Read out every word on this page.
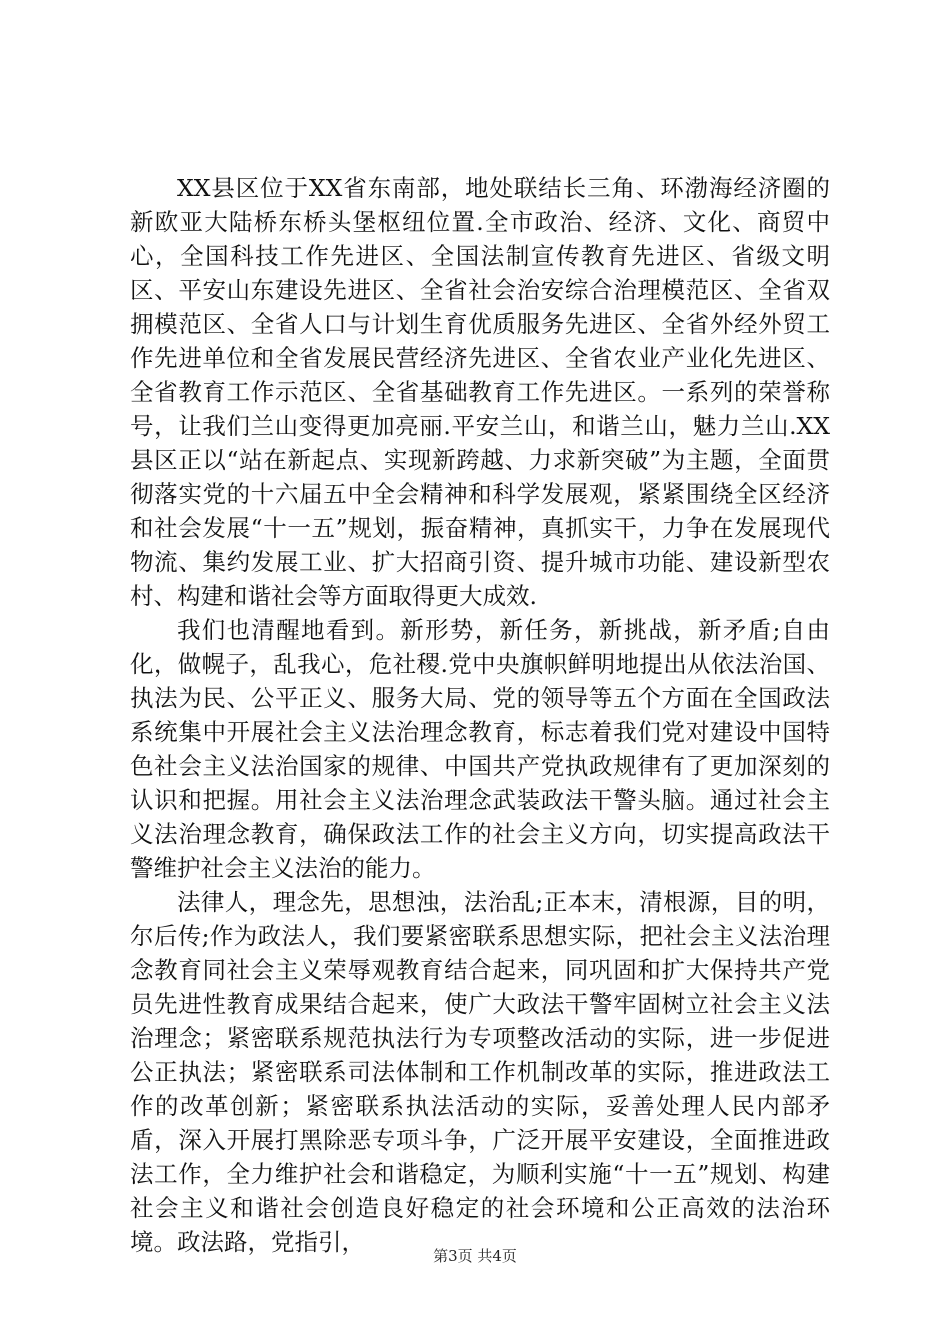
XX县区位于XX省东南部，地处联结长三角、环渤海经济圈的新欧亚大陆桥东桥头堡枢纽位置.全市政治、经济、文化、商贸中心，全国科技工作先进区、全国法制宣传教育先进区、省级文明区、平安山东建设先进区、全省社会治安综合治理模范区、全省双拥模范区、全省人口与计划生育优质服务先进区、全省外经外贸工作先进单位和全省发展民营经济先进区、全省农业产业化先进区、全省教育工作示范区、全省基础教育工作先进区。一系列的荣誉称号，让我们兰山变得更加亮丽.平安兰山，和谐兰山，魅力兰山.XX县区正以“站在新起点、实现新跨越、力求新突破”为主题，全面贯彻落实党的十六届五中全会精神和科学发展观，紧紧围绕全区经济和社会发展“十一五”规划，振奋精神，真抓实干，力争在发展现代物流、集约发展工业、扩大招商引资、提升城市功能、建设新型农村、构建和谐社会等方面取得更大成效.

我们也清醒地看到。新形势，新任务，新挑战，新矛盾;自由化，做幌子，乱我心，危社稷.党中央旗帜鲜明地提出从依法治国、执法为民、公平正义、服务大局、党的领导等五个方面在全国政法系统集中开展社会主义法治理念教育，标志着我们党对建设中国特色社会主义法治国家的规律、中国共产党执政规律有了更加深刻的认识和把握。用社会主义法治理念武装政法干警头脑。通过社会主义法治理念教育，确保政法工作的社会主义方向，切实提高政法干警维护社会主义法治的能力。

法律人，理念先，思想浊，法治乱;正本末，清根源，目的明，尔后传;作为政法人，我们要紧密联系思想实际，把社会主义法治理念教育同社会主义荣辱观教育结合起来，同巩固和扩大保持共产党员先进性教育成果结合起来，使广大政法干警牢固树立社会主义法治理念；紧密联系规范执法行为专项整改活动的实际，进一步促进公正执法；紧密联系司法体制和工作机制改革的实际，推进政法工作的改革创新；紧密联系执法活动的实际，妥善处理人民内部矛盾，深入开展打黑除恶专项斗争，广泛开展平安建设，全面推进政法工作，全力维护社会和谐稳定，为顺利实施“十一五”规划、构建社会主义和谐社会创造良好稳定的社会环境和公正高效的法治环境。政法路，党指引，	第3页 共4页
